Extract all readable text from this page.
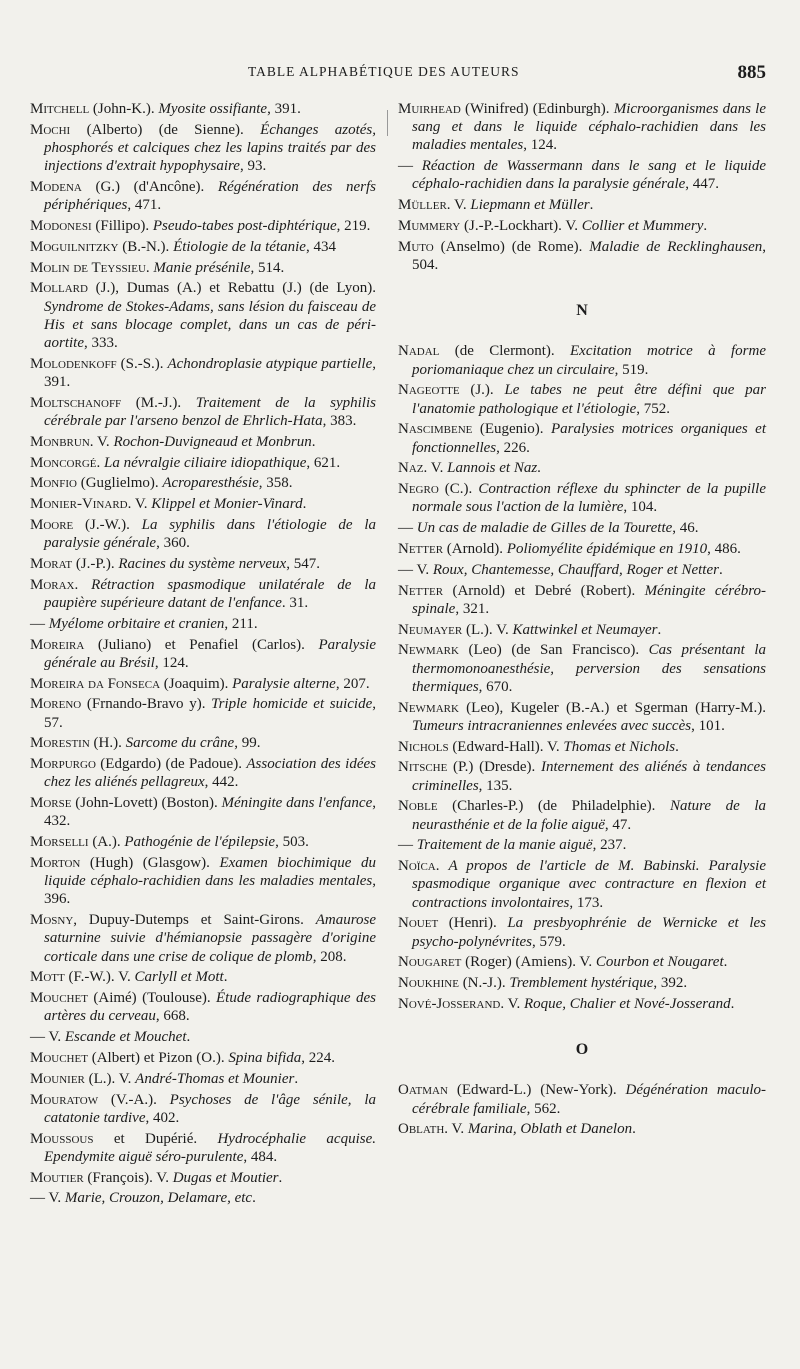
TABLE ALPHABÉTIQUE DES AUTEURS	885

Mitchell (John-K.). Myosite ossifiante, 391.

Mochi (Alberto) (de Sienne). Échanges azotés, phosphorés et calciques chez les lapins traités par des injections d'extrait hypophysaire, 93.

Modena (G.) (d'Ancône). Régénération des nerfs périphériques, 471.

Modonesi (Fillipo). Pseudo-tabes post-diphtérique, 219.

Moguilnitzky (B.-N.). Étiologie de la tétanie, 434

Molin de Teyssieu. Manie présénile, 514.

Mollard (J.), Dumas (A.) et Rebattu (J.) (de Lyon). Syndrome de Stokes-Adams, sans lésion du faisceau de His et sans blocage complet, dans un cas de péri-aortite, 333.

Molodenkoff (S.-S.). Achondroplasie atypique partielle, 391.

Moltschanoff (M.-J.). Traitement de la syphilis cérébrale par l'arseno benzol de Ehrlich-Hata, 383.

Monbrun. V. Rochon-Duvigneaud et Monbrun.

Moncorgé. La névralgie ciliaire idiopathique, 621.

Monfio (Guglielmo). Acroparesthésie, 358.

Monier-Vinard. V. Klippel et Monier-Vinard.

Moore (J.-W.). La syphilis dans l'étiologie de la paralysie générale, 360.

Morat (J.-P.). Racines du système nerveux, 547.

Morax. Rétraction spasmodique unilatérale de la paupière supérieure datant de l'enfance. 31.

— Myélome orbitaire et cranien, 211.

Moreira (Juliano) et Penafiel (Carlos). Paralysie générale au Brésil, 124.

Moreira da Fonseca (Joaquim). Paralysie alterne, 207.

Moreno (Frnando-Bravo y). Triple homicide et suicide, 57.

Morestin (H.). Sarcome du crâne, 99.

Morpurgo (Edgardo) (de Padoue). Association des idées chez les aliénés pellagreux, 442.

Morse (John-Lovett) (Boston). Méningite dans l'enfance, 432.

Morselli (A.). Pathogénie de l'épilepsie, 503.

Morton (Hugh) (Glasgow). Examen biochimique du liquide céphalo-rachidien dans les maladies mentales, 396.

Mosny, Dupuy-Dutemps et Saint-Girons. Amaurose saturnine suivie d'hémianopsie passagère d'origine corticale dans une crise de colique de plomb, 208.

Mott (F.-W.). V. Carlyll et Mott.

Mouchet (Aimé) (Toulouse). Étude radiographique des artères du cerveau, 668.

— V. Escande et Mouchet.

Mouchet (Albert) et Pizon (O.). Spina bifida, 224.

Mounier (L.). V. André-Thomas et Mounier.

Mouratow (V.-A.). Psychoses de l'âge sénile, la catatonie tardive, 402.

Moussous et Dupérié. Hydrocéphalie acquise. Ependymite aiguë séro-purulente, 484.

Moutier (François). V. Dugas et Moutier.

— V. Marie, Crouzon, Delamare, etc.

Muirhead (Winifred) (Edinburgh). Microorganismes dans le sang et dans le liquide céphalo-rachidien dans les maladies mentales, 124.

— Réaction de Wassermann dans le sang et le liquide céphalo-rachidien dans la paralysie générale, 447.

Müller. V. Liepmann et Müller.

Mummery (J.-P.-Lockhart). V. Collier et Mummery.

Muto (Anselmo) (de Rome). Maladie de Recklinghausen, 504.

N

Nadal (de Clermont). Excitation motrice à forme poriomaniaque chez un circulaire, 519.

Nageotte (J.). Le tabes ne peut être défini que par l'anatomie pathologique et l'étiologie, 752.

Nascimbene (Eugenio). Paralysies motrices organiques et fonctionnelles, 226.

Naz. V. Lannois et Naz.

Negro (C.). Contraction réflexe du sphincter de la pupille normale sous l'action de la lumière, 104.

— Un cas de maladie de Gilles de la Tourette, 46.

Netter (Arnold). Poliomyélite épidémique en 1910, 486.

— V. Roux, Chantemesse, Chauffard, Roger et Netter.

Netter (Arnold) et Debré (Robert). Méningite cérébro-spinale, 321.

Neumayer (L.). V. Kattwinkel et Neumayer.

Newmark (Leo) (de San Francisco). Cas présentant la thermomonoanesthésie, perversion des sensations thermiques, 670.

Newmark (Leo), Kugeler (B.-A.) et Sgerman (Harry-M.). Tumeurs intracraniennes enlevées avec succès, 101.

Nichols (Edward-Hall). V. Thomas et Nichols.

Nitsche (P.) (Dresde). Internement des aliénés à tendances criminelles, 135.

Noble (Charles-P.) (de Philadelphie). Nature de la neurasthénie et de la folie aiguë, 47.

— Traitement de la manie aiguë, 237.

Noïca. A propos de l'article de M. Babinski. Paralysie spasmodique organique avec contracture en flexion et contractions involontaires, 173.

Nouet (Henri). La presbyophrénie de Wernicke et les psycho-polynévrites, 579.

Nougaret (Roger) (Amiens). V. Courbon et Nougaret.

Noukhine (N.-J.). Tremblement hystérique, 392.

Nové-Josserand. V. Roque, Chalier et Nové-Josserand.

O

Oatman (Edward-L.) (New-York). Dégénération maculo-cérébrale familiale, 562.

Oblath. V. Marina, Oblath et Danelon.
